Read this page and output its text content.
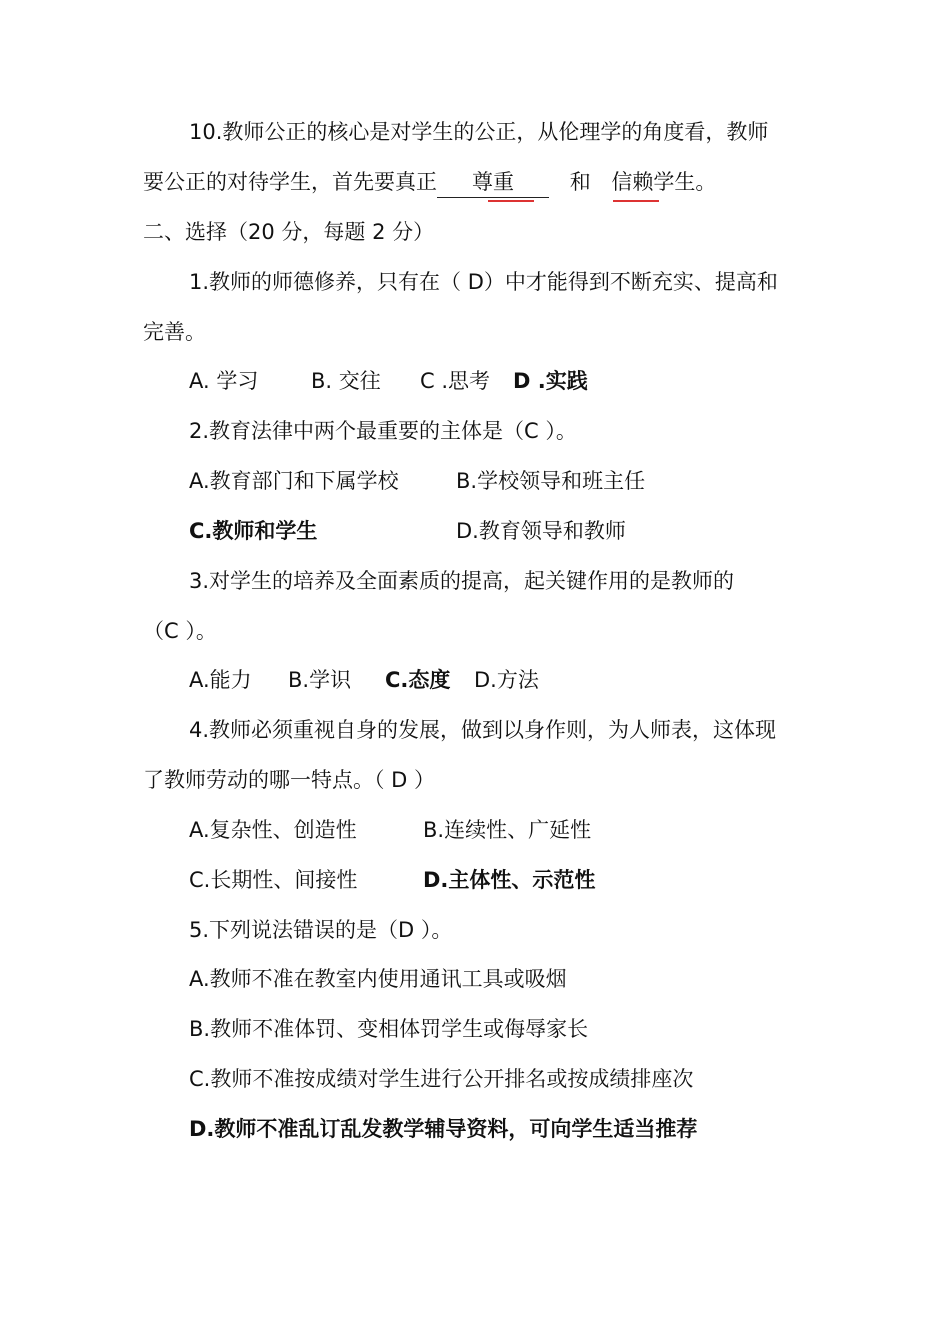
10.教师公正的核心是对学生的公正，从伦理学的角度看，教师
要公正的对待学生，首先要真正 尊重	和 信赖学生。
二、选择（20 分，每题 2 分）
1.教师的师德修养，只有在（ D）中才能得到不断充实、提高和
完善。
A. 学习	B. 交往 C .思考 D .实践
2.教育法律中两个最重要的主体是（C ）。
A.教育部门和下属学校	B.学校领导和班主任
C.教师和学生	D.教育领导和教师
3.对学生的培养及全面素质的提高，起关键作用的是教师的
（C ）。
A.能力 B.学识 C.态度 D.方法
4.教师必须重视自身的发展，做到以身作则，为人师表，这体现
了教师劳动的哪一特点。（ D ）
A.复杂性、创造性	B.连续性、广延性
C.长期性、间接性	D.主体性、示范性
5.下列说法错误的是（D ）。
A.教师不准在教室内使用通讯工具或吸烟
B.教师不准体罚、变相体罚学生或侮辱家长
C.教师不准按成绩对学生进行公开排名或按成绩排座次
D.教师不准乱订乱发教学辅导资料，可向学生适当推荐
